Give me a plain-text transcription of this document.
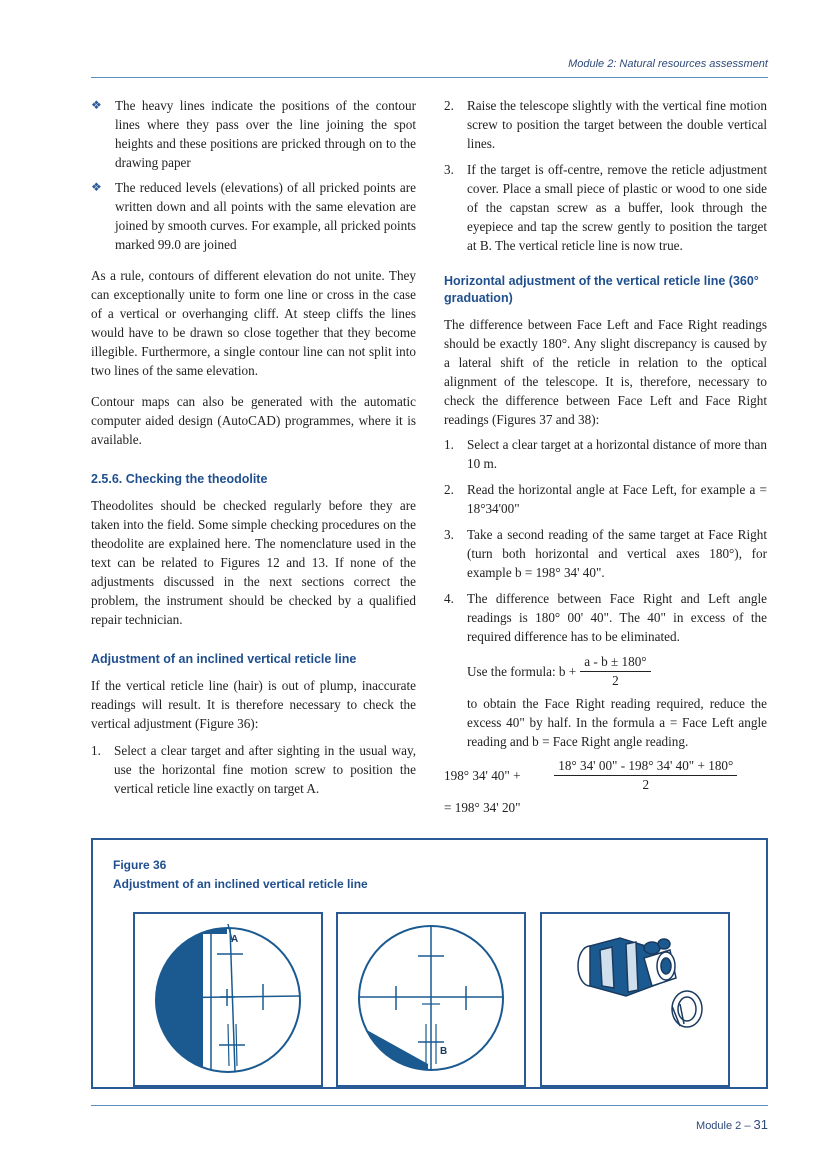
Module 2: Natural resources assessment
❖ The heavy lines indicate the positions of the contour lines where they pass over the line joining the spot heights and these positions are pricked through on to the drawing paper
❖ The reduced levels (elevations) of all pricked points are written down and all points with the same elevation are joined by smooth curves. For example, all pricked points marked 99.0 are joined
As a rule, contours of different elevation do not unite. They can exceptionally unite to form one line or cross in the case of a vertical or overhanging cliff. At steep cliffs the lines would have to be drawn so close together that they become illegible. Furthermore, a single contour line can not split into two lines of the same elevation.
Contour maps can also be generated with the automatic computer aided design (AutoCAD) programmes, where it is available.
2.5.6. Checking the theodolite
Theodolites should be checked regularly before they are taken into the field. Some simple checking procedures on the theodolite are explained here. The nomenclature used in the text can be related to Figures 12 and 13. If none of the adjustments discussed in the next sections correct the problem, the instrument should be checked by a qualified repair technician.
Adjustment of an inclined vertical reticle line
If the vertical reticle line (hair) is out of plump, inaccurate readings will result. It is therefore necessary to check the vertical adjustment (Figure 36):
1. Select a clear target and after sighting in the usual way, use the horizontal fine motion screw to position the vertical reticle line exactly on target A.
2. Raise the telescope slightly with the vertical fine motion screw to position the target between the double vertical lines.
3. If the target is off-centre, remove the reticle adjustment cover. Place a small piece of plastic or wood to one side of the capstan screw as a buffer, look through the eyepiece and tap the screw gently to position the target at B. The vertical reticle line is now true.
Horizontal adjustment of the vertical reticle line (360° graduation)
The difference between Face Left and Face Right readings should be exactly 180°. Any slight discrepancy is caused by a lateral shift of the reticle in relation to the optical alignment of the telescope. It is, therefore, necessary to check the difference between Face Left and Face Right readings (Figures 37 and 38):
1. Select a clear target at a horizontal distance of more than 10 m.
2. Read the horizontal angle at Face Left, for example a = 18°34'00"
3. Take a second reading of the same target at Face Right (turn both horizontal and vertical axes 180°), for example b = 198° 34' 40".
4. The difference between Face Right and Left angle readings is 180° 00' 40". The 40" in excess of the required difference has to be eliminated.
Use the formula: $b + \frac{a - b \pm 180^\circ}{2}$
to obtain the Face Right reading required, reduce the excess 40" by half. In the formula a = Face Left angle reading and b = Face Right angle reading.
198° 34' 40" + $\frac{18^\circ 34' 00" - 198^\circ 34' 40" + 180^\circ}{2}$
= 198° 34' 20"
Figure 36
Adjustment of an inclined vertical reticle line
A
B
Module 2 – 31
